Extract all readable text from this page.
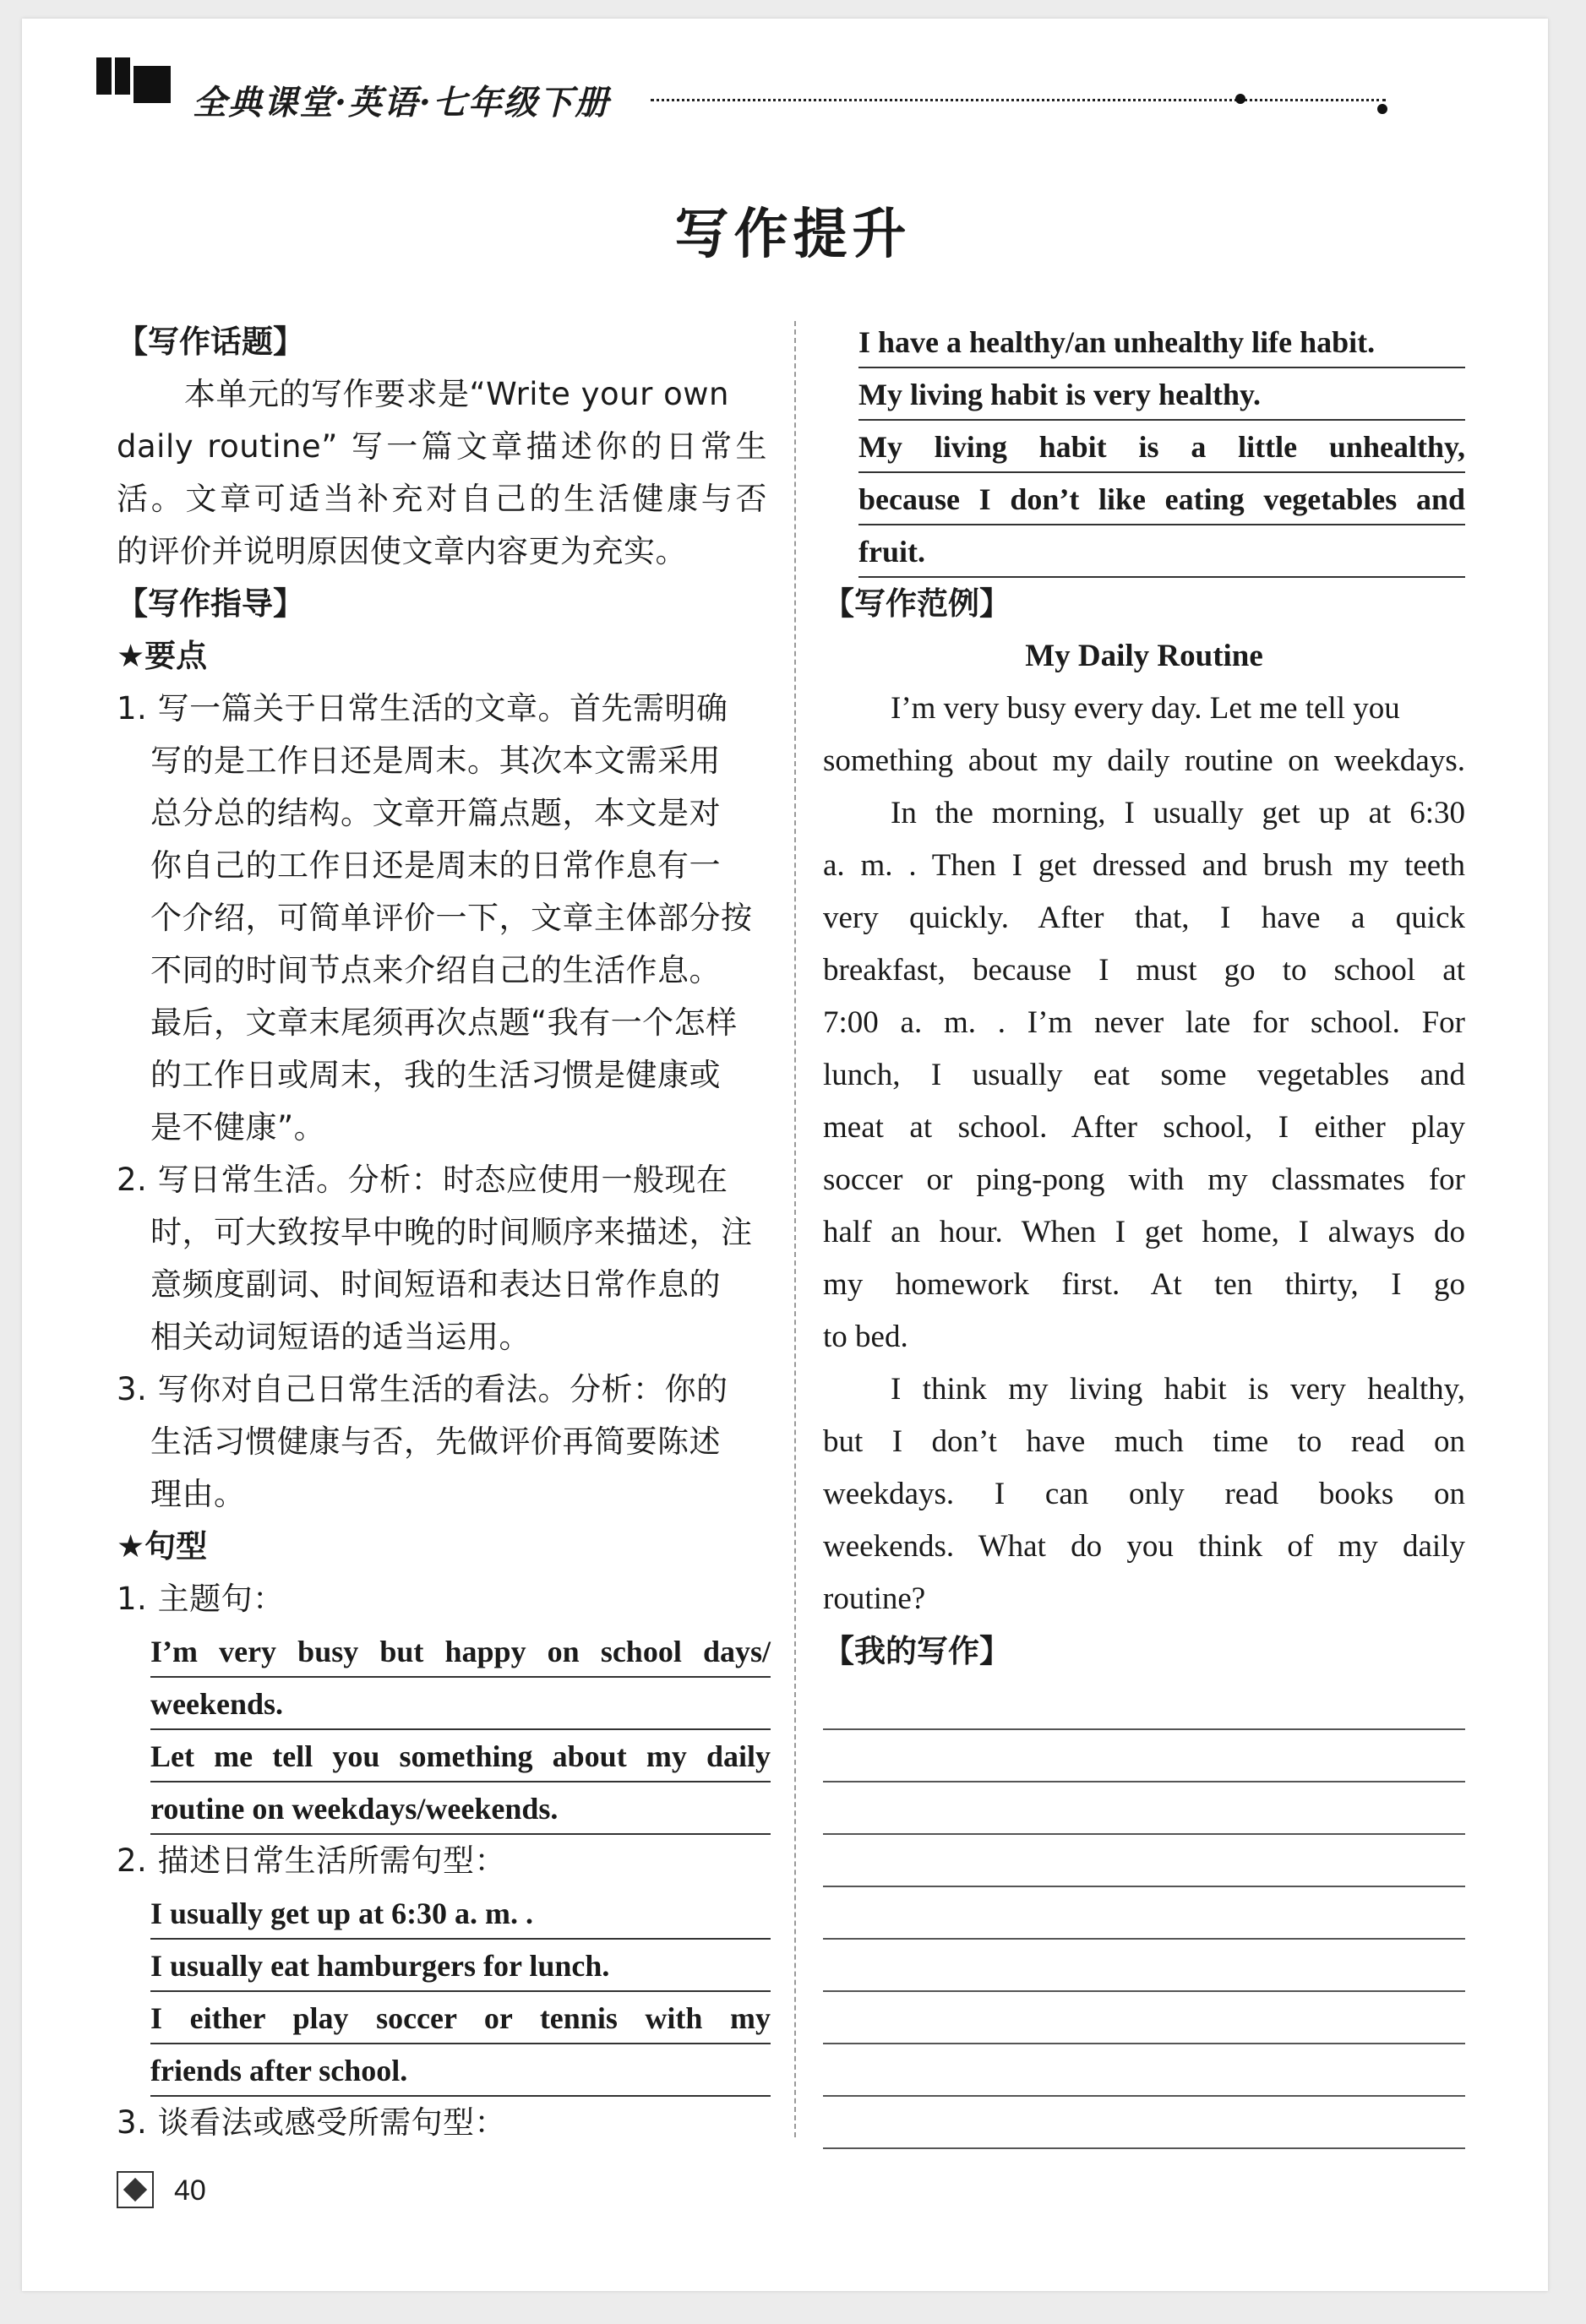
全典课堂·英语·七年级下册
写作提升
【写作话题】
本单元的写作要求是“Write your own
daily routine” 写一篇文章描述你的日常生
活。文章可适当补充对自己的生活健康与否
的评价并说明原因使文章内容更为充实。
【写作指导】
★要点
1. 写一篇关于日常生活的文章。首先需明确
写的是工作日还是周末。其次本文需采用
总分总的结构。文章开篇点题，本文是对
你自己的工作日还是周末的日常作息有一
个介绍，可简单评价一下，文章主体部分按
不同的时间节点来介绍自己的生活作息。
最后，文章末尾须再次点题“我有一个怎样
的工作日或周末，我的生活习惯是健康或
是不健康”。
2. 写日常生活。分析：时态应使用一般现在
时，可大致按早中晚的时间顺序来描述，注
意频度副词、时间短语和表达日常作息的
相关动词短语的适当运用。
3. 写你对自己日常生活的看法。分析：你的
生活习惯健康与否，先做评价再简要陈述
理由。
★句型
1. 主题句：
I’m very busy but happy on school days/
weekends.
Let me tell you something about my daily
routine on weekdays/weekends.
2. 描述日常生活所需句型：
I usually get up at 6:30 a. m. .
I usually eat hamburgers for lunch.
I either play soccer or tennis with my
friends after school.
3. 谈看法或感受所需句型：
I have a healthy/an unhealthy life habit.
My living habit is very healthy.
My living habit is a little unhealthy,
because I don’t like eating vegetables and
fruit.
【写作范例】
My Daily Routine
I’m very busy every day. Let me tell you
something about my daily routine on weekdays.
In the morning, I usually get up at 6:30
a. m. . Then I get dressed and brush my teeth
very quickly. After that, I have a quick
breakfast, because I must go to school at
7:00 a. m. . I’m never late for school. For
lunch, I usually eat some vegetables and
meat at school. After school, I either play
soccer or ping-pong with my classmates for
half an hour. When I get home, I always do
my homework first. At ten thirty, I go
to bed.
I think my living habit is very healthy,
but I don’t have much time to read on
weekdays. I can only read books on
weekends. What do you think of my daily
routine?
【我的写作】
40
